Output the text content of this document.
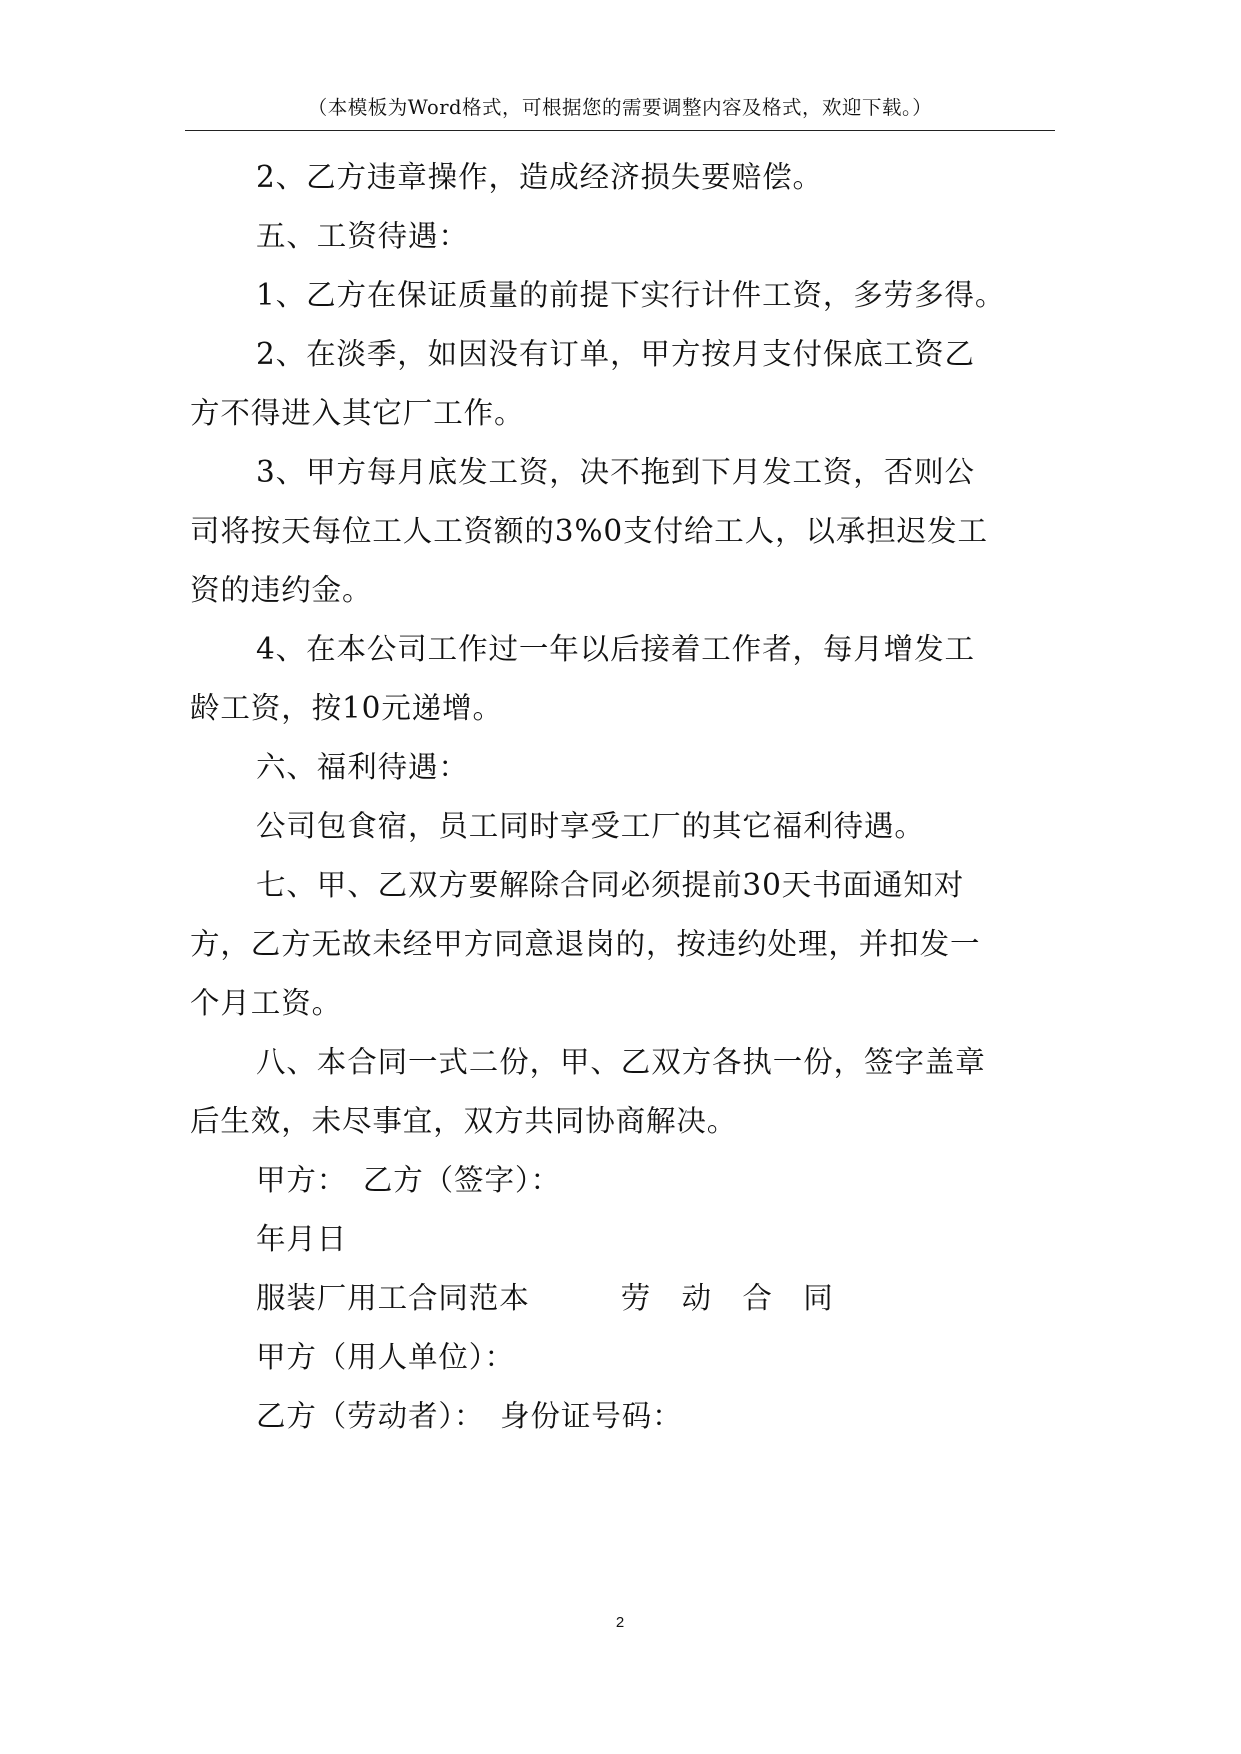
（本模板为Word格式，可根据您的需要调整内容及格式，欢迎下载。）
2、乙方违章操作，造成经济损失要赔偿。
五、工资待遇：
1、乙方在保证质量的前提下实行计件工资，多劳多得。
2、在淡季，如因没有订单，甲方按月支付保底工资乙
方不得进入其它厂工作。
3、甲方每月底发工资，决不拖到下月发工资，否则公
司将按天每位工人工资额的3%0支付给工人，以承担迟发工
资的违约金。
4、在本公司工作过一年以后接着工作者，每月增发工
龄工资，按10元递增。
六、福利待遇：
公司包食宿，员工同时享受工厂的其它福利待遇。
七、甲、乙双方要解除合同必须提前30天书面通知对
方，乙方无故未经甲方同意退岗的，按违约处理，并扣发一
个月工资。
八、本合同一式二份，甲、乙双方各执一份，签字盖章
后生效，未尽事宜，双方共同协商解决。
甲方：　乙方（签字）：
年月日
服装厂用工合同范本　　　劳　动　合　同
甲方（用人单位）：
乙方（劳动者）：　身份证号码：
2
